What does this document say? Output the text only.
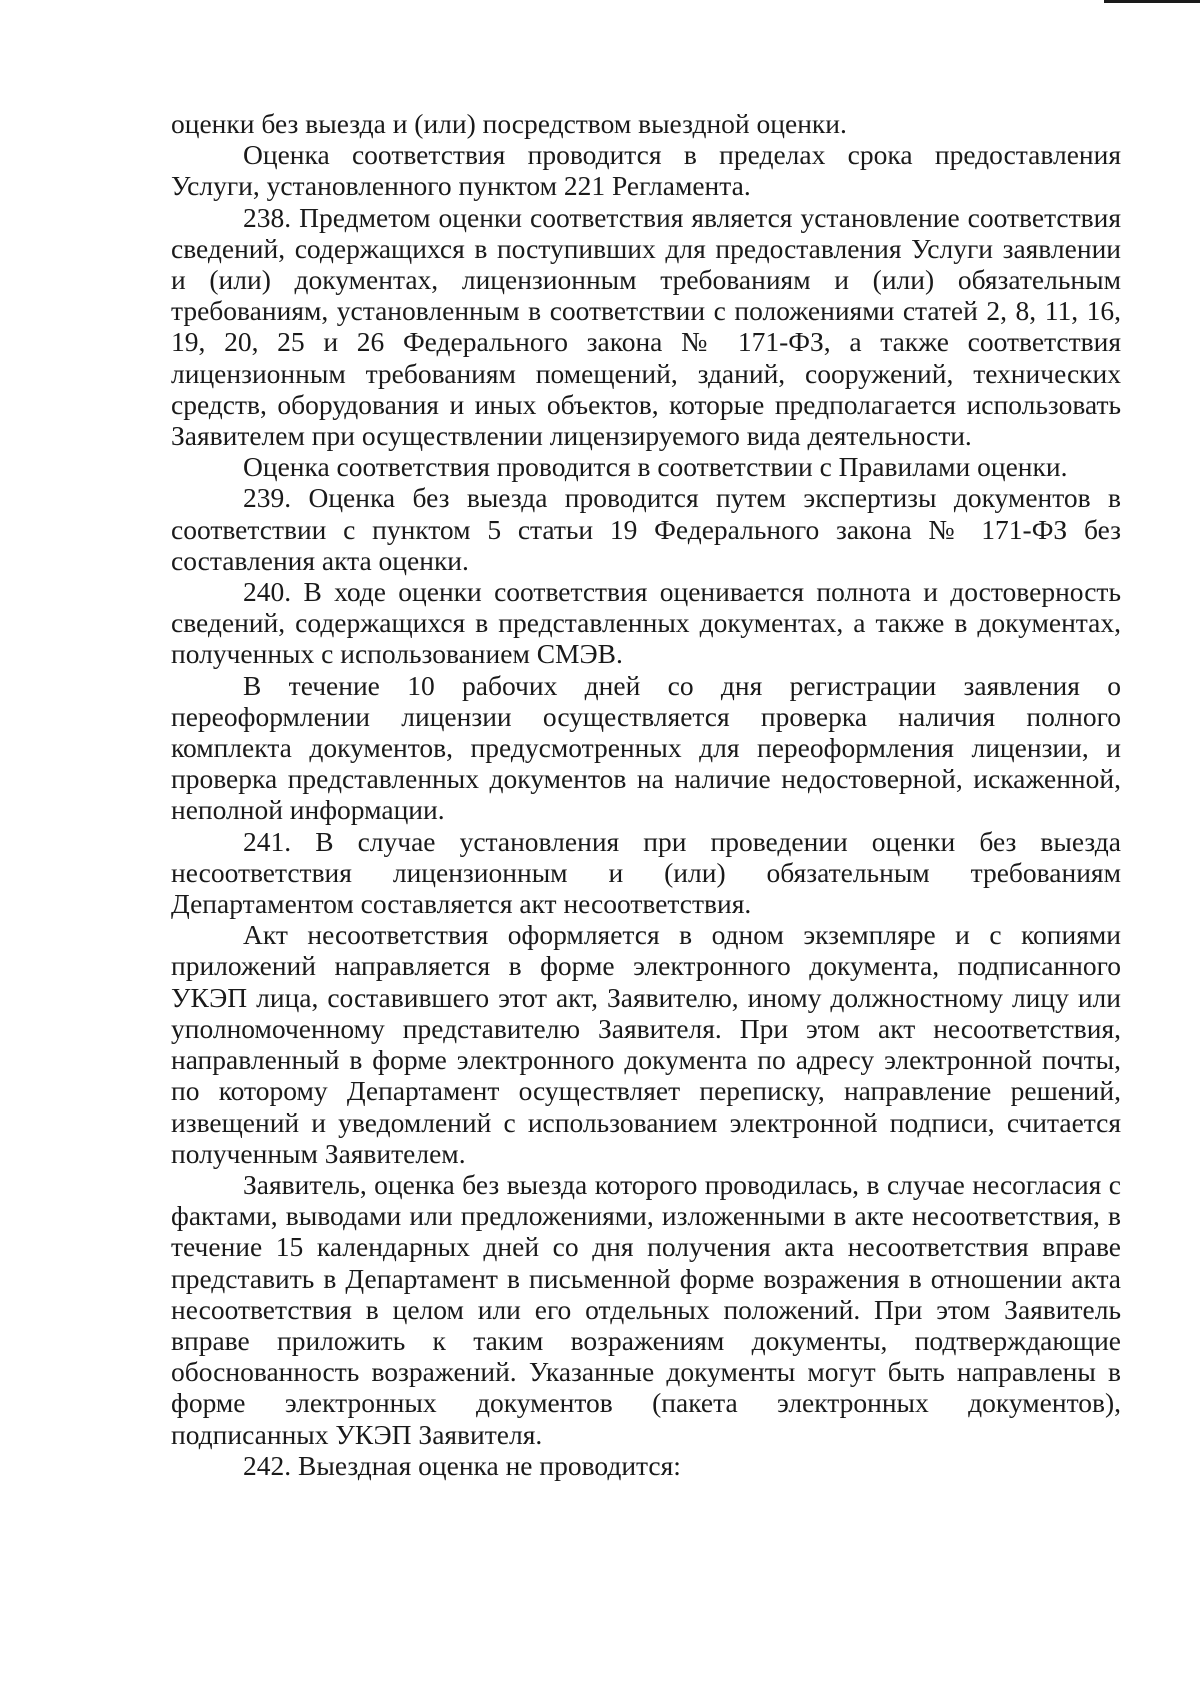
оценки без выезда и (или) посредством выездной оценки.

Оценка соответствия проводится в пределах срока предоставления Услуги, установленного пунктом 221 Регламента.

238. Предметом оценки соответствия является установление соответствия сведений, содержащихся в поступивших для предоставления Услуги заявлении и (или) документах, лицензионным требованиям и (или) обязательным требованиям, установленным в соответствии с положениями статей 2, 8, 11, 16, 19, 20, 25 и 26 Федерального закона № 171-ФЗ, а также соответствия лицензионным требованиям помещений, зданий, сооружений, технических средств, оборудования и иных объектов, которые предполагается использовать Заявителем при осуществлении лицензируемого вида деятельности.

Оценка соответствия проводится в соответствии с Правилами оценки.

239. Оценка без выезда проводится путем экспертизы документов в соответствии с пунктом 5 статьи 19 Федерального закона № 171-ФЗ без составления акта оценки.

240. В ходе оценки соответствия оценивается полнота и достоверность сведений, содержащихся в представленных документах, а также в документах, полученных с использованием СМЭВ.

В течение 10 рабочих дней со дня регистрации заявления о переоформлении лицензии осуществляется проверка наличия полного комплекта документов, предусмотренных для переоформления лицензии, и проверка представленных документов на наличие недостоверной, искаженной, неполной информации.

241. В случае установления при проведении оценки без выезда несоответствия лицензионным и (или) обязательным требованиям Департаментом составляется акт несоответствия.

Акт несоответствия оформляется в одном экземпляре и с копиями приложений направляется в форме электронного документа, подписанного УКЭП лица, составившего этот акт, Заявителю, иному должностному лицу или уполномоченному представителю Заявителя. При этом акт несоответствия, направленный в форме электронного документа по адресу электронной почты, по которому Департамент осуществляет переписку, направление решений, извещений и уведомлений с использованием электронной подписи, считается полученным Заявителем.

Заявитель, оценка без выезда которого проводилась, в случае несогласия с фактами, выводами или предложениями, изложенными в акте несоответствия, в течение 15 календарных дней со дня получения акта несоответствия вправе представить в Департамент в письменной форме возражения в отношении акта несоответствия в целом или его отдельных положений. При этом Заявитель вправе приложить к таким возражениям документы, подтверждающие обоснованность возражений. Указанные документы могут быть направлены в форме электронных документов (пакета электронных документов), подписанных УКЭП Заявителя.

242. Выездная оценка не проводится:
